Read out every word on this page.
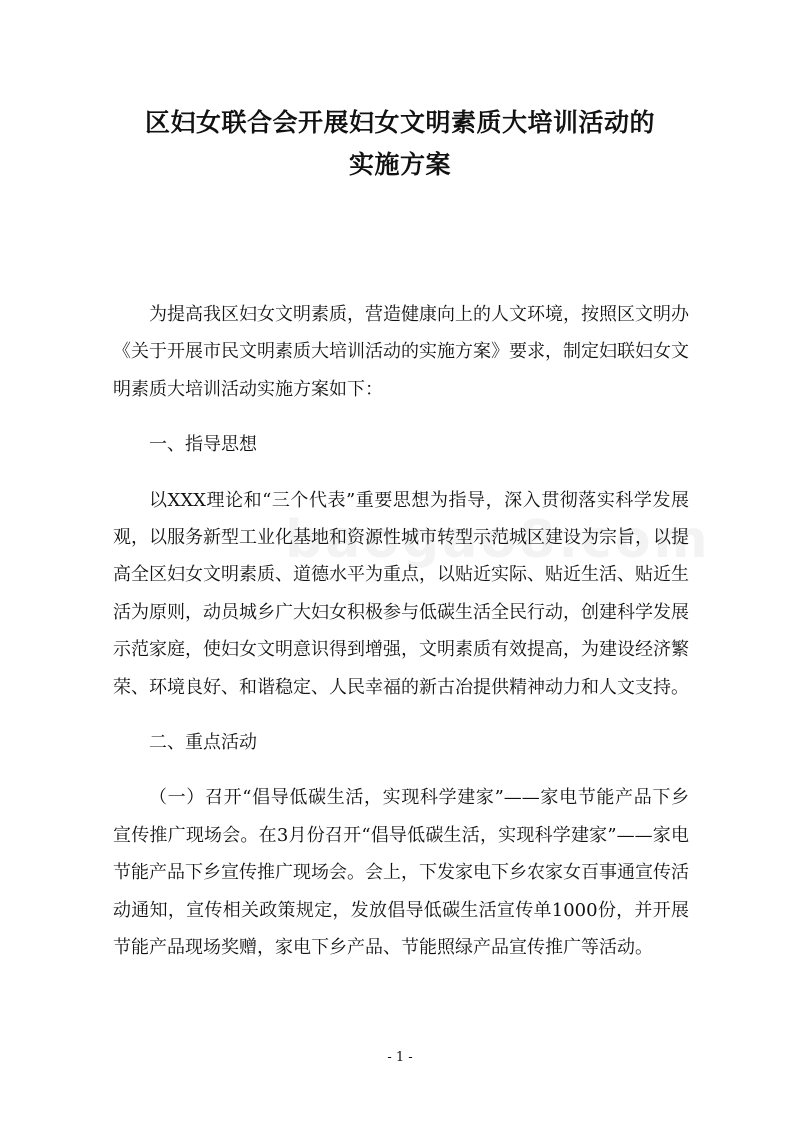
区妇女联合会开展妇女文明素质大培训活动的
实施方案

为提高我区妇女文明素质，营造健康向上的人文环境，按照区文明办《关于开展市民文明素质大培训活动的实施方案》要求，制定妇联妇女文明素质大培训活动实施方案如下：

一、指导思想

以XXX理论和“三个代表”重要思想为指导，深入贯彻落实科学发展观，以服务新型工业化基地和资源性城市转型示范城区建设为宗旨，以提高全区妇女文明素质、道德水平为重点，以贴近实际、贴近生活、贴近生活为原则，动员城乡广大妇女积极参与低碳生活全民行动，创建科学发展示范家庭，使妇女文明意识得到增强，文明素质有效提高，为建设经济繁荣、环境良好、和谐稳定、人民幸福的新古冶提供精神动力和人文支持。

二、重点活动

（一）召开“倡导低碳生活，实现科学建家”——家电节能产品下乡宣传推广现场会。在3月份召开“倡导低碳生活，实现科学建家”——家电节能产品下乡宣传推广现场会。会上，下发家电下乡农家女百事通宣传活动通知，宣传相关政策规定，发放倡导低碳生活宣传单1000份，并开展节能产品现场奖赠，家电下乡产品、节能照绿产品宣传推广等活动。

- 1 -
